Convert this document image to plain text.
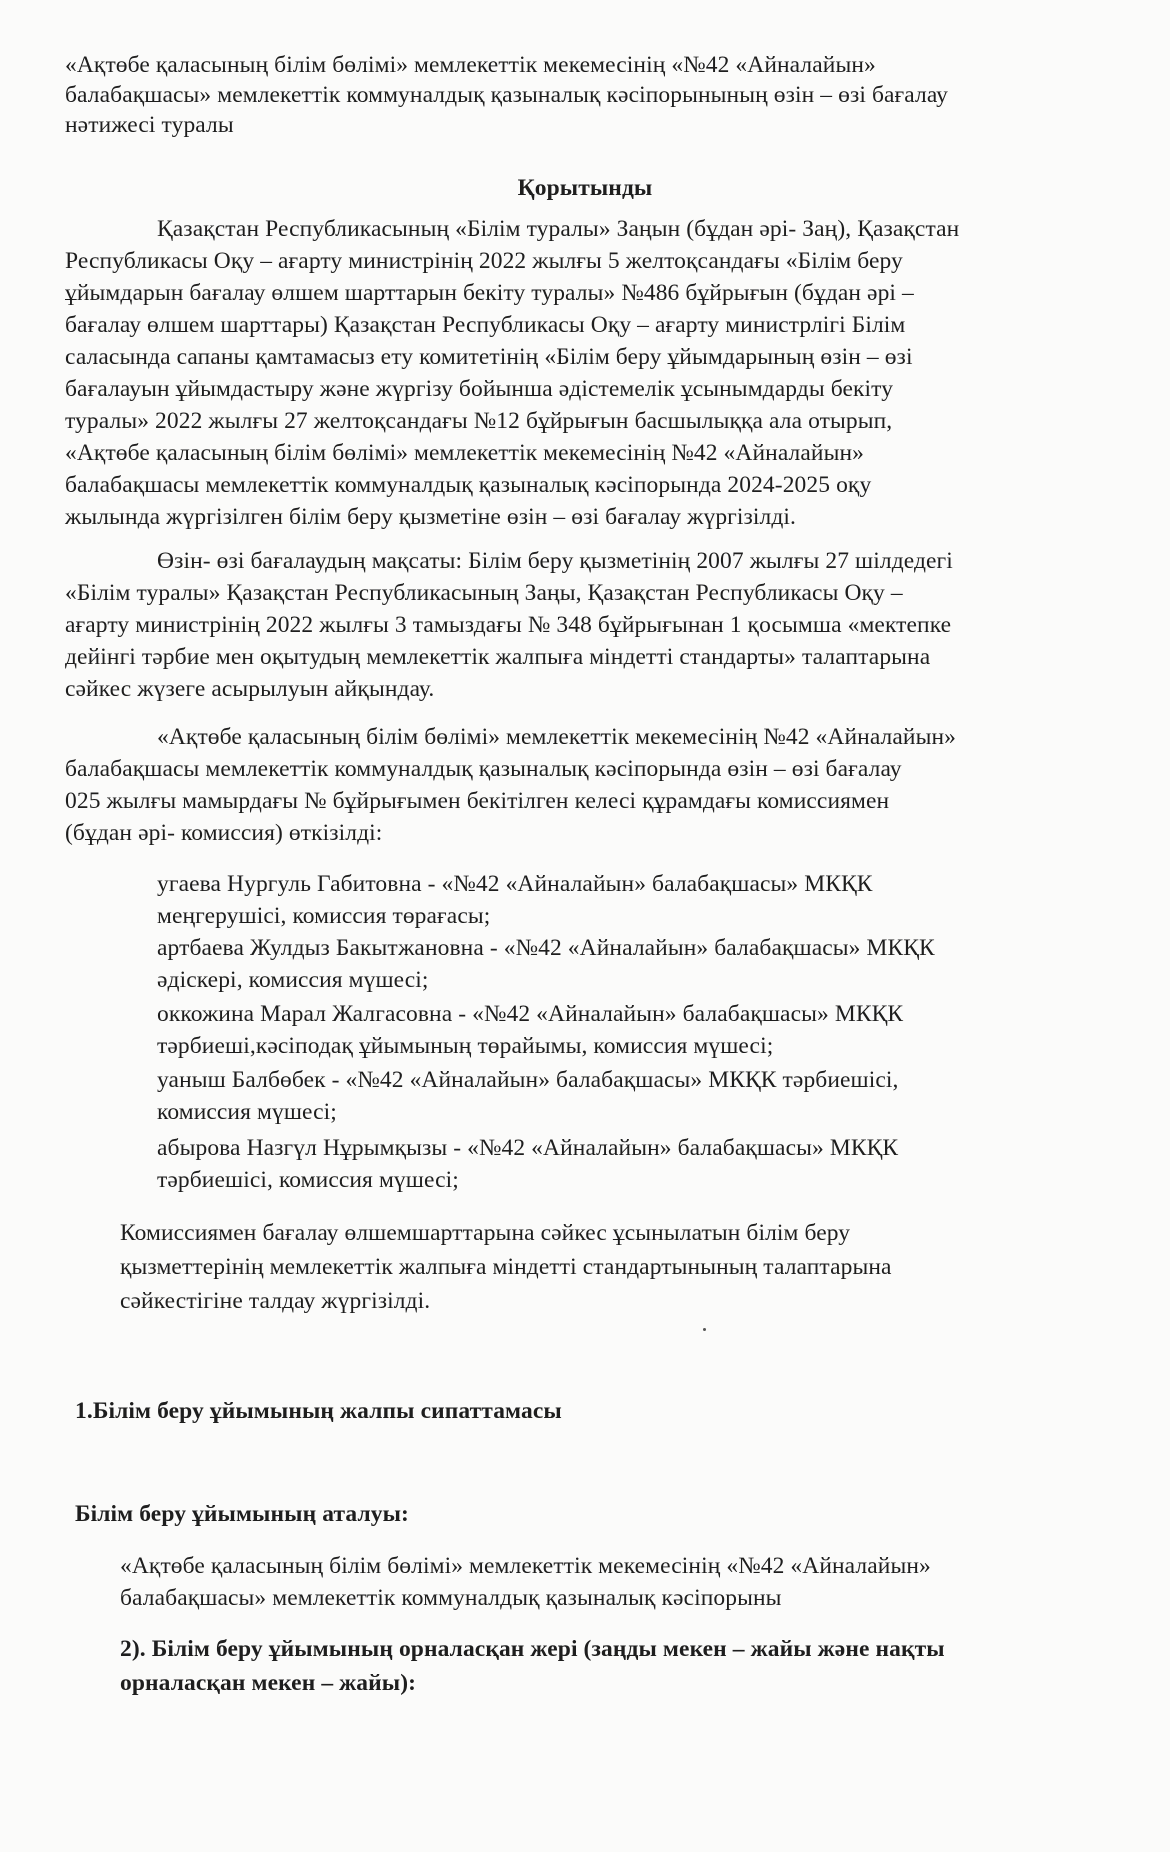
«Ақтөбе қаласының білім бөлімі» мемлекеттік мекемесінің «№42 «Айналайын»
балабақшасы» мемлекеттік коммуналдық қазыналық кәсіпорынының өзін – өзі бағалау
нәтижесі туралы
Қорытынды
Қазақстан Республикасының «Білім туралы» Заңын (бұдан әрі- Заң), Қазақстан
Республикасы Оқу – ағарту министрінің 2022 жылғы 5 желтоқсандағы «Білім беру
ұйымдарын бағалау өлшем шарттарын бекіту туралы» №486 бұйрығын (бұдан әрі –
бағалау өлшем шарттары) Қазақстан Республикасы Оқу – ағарту министрлігі Білім
саласында сапаны қамтамасыз ету комитетінің «Білім беру ұйымдарының өзін – өзі
бағалауын ұйымдастыру және жүргізу бойынша әдістемелік ұсынымдарды бекіту
туралы» 2022 жылғы 27 желтоқсандағы №12 бұйрығын басшылыққа ала отырып,
«Ақтөбе қаласының білім бөлімі» мемлекеттік мекемесінің №42 «Айналайын»
балабақшасы мемлекеттік коммуналдық қазыналық кәсіпорында 2024-2025 оқу
жылында жүргізілген білім беру қызметіне өзін – өзі бағалау жүргізілді.
Өзін- өзі бағалаудың мақсаты: Білім беру қызметінің 2007 жылғы 27 шілдедегі
«Білім туралы» Қазақстан Республикасының Заңы, Қазақстан Республикасы Оқу –
ағарту министрінің 2022 жылғы 3 тамыздағы № 348 бұйрығынан 1 қосымша «мектепке
дейінгі тәрбие мен оқытудың мемлекеттік жалпыға міндетті стандарты» талаптарына
сәйкес жүзеге асырылуын айқындау.
«Ақтөбе қаласының білім бөлімі» мемлекеттік мекемесінің №42 «Айналайын»
балабақшасы мемлекеттік коммуналдық қазыналық кәсіпорында өзін – өзі бағалау
025 жылғы мамырдағы № бұйрығымен бекітілген келесі құрамдағы комиссиямен
(бұдан әрі- комиссия) өткізілді:
угаева Нургуль Габитовна - «№42 «Айналайын» балабақшасы» МКҚК
меңгерушісі, комиссия төрағасы;
артбаева Жулдыз Бакытжановна - «№42 «Айналайын» балабақшасы» МКҚК
әдіскері, комиссия мүшесі;
оккожина Марал Жалгасовна - «№42 «Айналайын» балабақшасы» МКҚК
тәрбиеші,кәсіподақ ұйымының төрайымы, комиссия мүшесі;
уаныш Балбөбек - «№42 «Айналайын» балабақшасы» МКҚК тәрбиешісі,
комиссия мүшесі;
абырова Назгүл Нұрымқызы - «№42 «Айналайын» балабақшасы» МКҚК
тәрбиешісі, комиссия мүшесі;
Комиссиямен бағалау өлшемшарттарына сәйкес ұсынылатын білім беру
қызметтерінің мемлекеттік жалпыға міндетті стандартынының талаптарына
сәйкестігіне талдау жүргізілді.
1.Білім беру ұйымының жалпы сипаттамасы
Білім беру ұйымының аталуы:
«Ақтөбе қаласының білім бөлімі» мемлекеттік мекемесінің «№42 «Айналайын»
балабақшасы» мемлекеттік коммуналдық қазыналық кәсіпорыны
2). Білім беру ұйымының орналасқан жері (заңды мекен – жайы және нақты
орналасқан мекен – жайы):
